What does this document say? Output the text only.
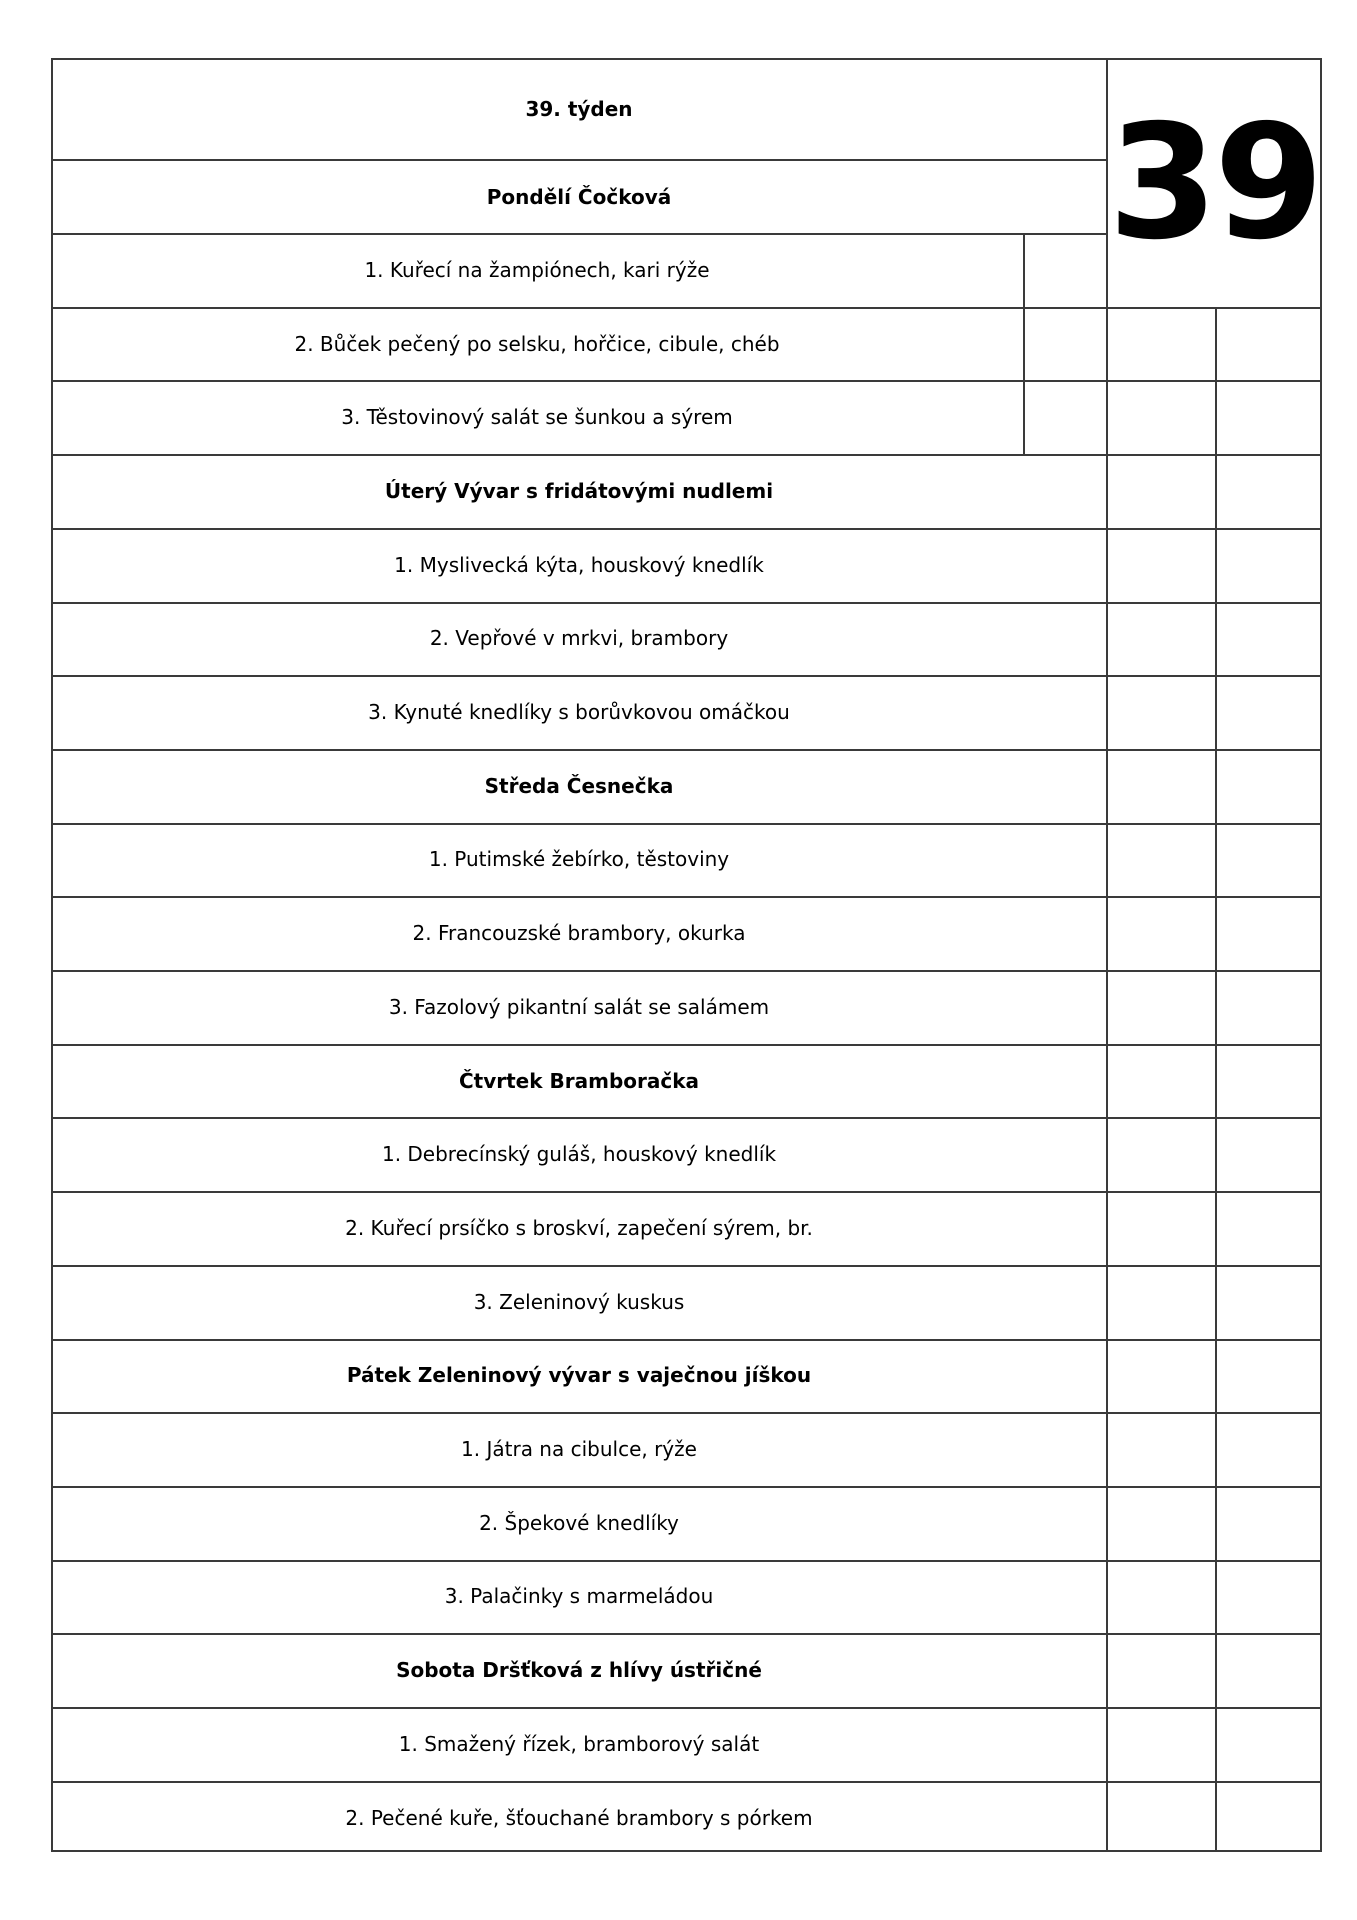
39. týden	39
Pondělí Čočková
1. Kuřecí na žampiónech, kari rýže
2. Bůček pečený po selsku, hořčice, cibule, chéb
3. Těstovinový salát se šunkou a sýrem
Úterý Vývar s fridátovými nudlemi
1. Myslivecká kýta, houskový knedlík
2. Vepřové v mrkvi, brambory
3. Kynuté knedlíky s borůvkovou omáčkou
Středa Česnečka
1. Putimské žebírko, těstoviny
2. Francouzské brambory, okurka
3. Fazolový pikantní salát se salámem
Čtvrtek Bramboračka
1. Debrecínský guláš, houskový knedlík
2. Kuřecí prsíčko s broskví, zapečení sýrem, br.
3. Zeleninový kuskus
Pátek Zeleninový vývar s vaječnou jíškou
1. Játra na cibulce, rýže
2. Špekové knedlíky
3. Palačinky s marmeládou
Sobota Dršťková z hlívy ústřičné
1. Smažený řízek, bramborový salát
2. Pečené kuře, šťouchané brambory s pórkem
